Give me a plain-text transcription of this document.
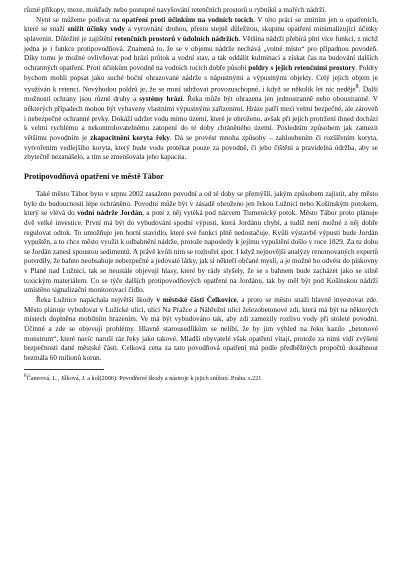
různé příkopy, meze, mokřady nebo postupné navyšování retenčních prostorů u rybníků a malých nádrží.

Nyní se můžeme podívat na opatření proti účinkům na vodních tocích. V této práci se zmíním jen o opatřeních, které se snaží snížit účinky vody a vyrovnání druhou, přesto stejně důležitou, skupinu opatření minimalizující účinky splavenin. Důležité je zajištění retenčních prostorů v údolních nádržích. Většina nádrží přebírá plní více funkcí, z nichž jedna je i funkce protipovodňová. Znamená to, že se v objemu nádrže nechává „volné místo“ pro případnou povodeň. Díky tomu je možné ovlivňovat pod hrází průtok a vodní stav, a tak oddálit kulminaci a získat čas na budování dalších ochranných opatření. Proti účinkům povodně na vodních tocích dobře působí poldry s jejich retenčními prostory. Poldry bychom mohli popsat jako suché boční ohrazované nádrže s nápustnými a výpustnými objekty. Celý jejich objem je využíván k retenci. Nevýhodou poldrů je, že se musí udržovat provozuschopné, i když se několik let nic neděje$^8$. Další možností ochrany jsou různé druhy a systémy hrází. Řeka může být ohrazena jen jednostranně nebo oboustranně. V některých případech mohou být vybaveny vlastními výpustnými zařízeními. Hráze patří mezi velmi bezpečné, ale zároveň i nebezpečné ochranné prvky. Dokáží udržet vodu mimo území, které je ohroženo, avšak při jejich protržení ihned dochází k velmi rychlému a nekontrolovatelnému zatopení do té doby chráněného území. Posledním způsobem jak zamezit většímu povodním je zkapacitnění koryta řeky. Dá se provést mnoha způsoby – zahloubením či rozšířením koryta, vytvořením vedlejšího koryta, který bude vodu protékat pouze za povodně, či jeho čištění a pravidelná údržba, aby se zbytečně nezanášelo, a tím se zmenšovala jeho kapacita.

Protipovodňová opatření ve městě Tábor

Také město Tábor byto v srpnu 2002 zasaženo povodní a od té doby se přemýšlí, jakým způsobem zajistit, aby město bylo do budoucnosti lépe ochráněno. Povodní může být v zásadě ohroženo jen řekou Lužnicí nebo Košínským potokem, který se vlévá do vodní nádrže Jordán, a poté z něj vytéká pod názvem Tismenický potok. Město Tábor proto plánuje dvě velké investice. První má být do vybudování spodní výpusti, která Jordánu chybí, a tudíž není možné z něj dobře regulovat odtok. To umožňuje jen horní stavidlo, které své funkci plně nedostačuje. Kvůli výstavbě výpusti bude Jordán vypuštěn, a to chce město využít k odbahnění nádrže, protože naposledy k jejímu vypuštění došlo v roce 1829. Za tu dobu se Jordán zanesl spoustou sedimentů. A právě kvůli nim se rozhořel spor. I když nejnovější analýzy renomovaných expertů potvrdily, že bahno neobsahuje nebezpečné a jedovaté látky, jak si někteří občané myslí, a je možné ho odvést do pískovny v Plané nad Lužnicí, tak se neustále objevují hlasy, které by rády slyšely, že se s bahnem bude zacházet jako se silně toxickým materiálem. Co se týče dalších protipovodňových opatření na Jordánu, tak by měl být pod Košínskou nádrží umístěno signalizační monitorovací čidlo.

Řeka Lužnice napáchala největší škody v městské části Čelkovice, a proto se město snaží hlavně investovat zde. Město plánuje vybudovat v Lužické ulici, ulici Na Pražce a Nábřežní ulici železobetonové zdi, která má být na některých místech doplněna mobilním hrazením. Ve má být vybudováno tak, aby zdi zamezily rozlivu vody při stoleté povodni. Účinné a zde se objevují problémy. Hlavně starousedlíkům se nelíbí, že by jim výhled na řeku kazilo „betonové monstrum“, které navíc naruší ráz řeky jako takové. Mladší obyvatelé však opatření vítají, protože za nimi vidí zvýšení bezpečnosti dané městské části. Celková cena za tato povodňová opatření má podle předběžných propočtů dosáhnout bezmála 60 milionů korun.

$^8$Čamrová, L., Jílková, J. a kol(2006): Povodňové škody a nástroje k jejich snížení. Praha. s.221.
